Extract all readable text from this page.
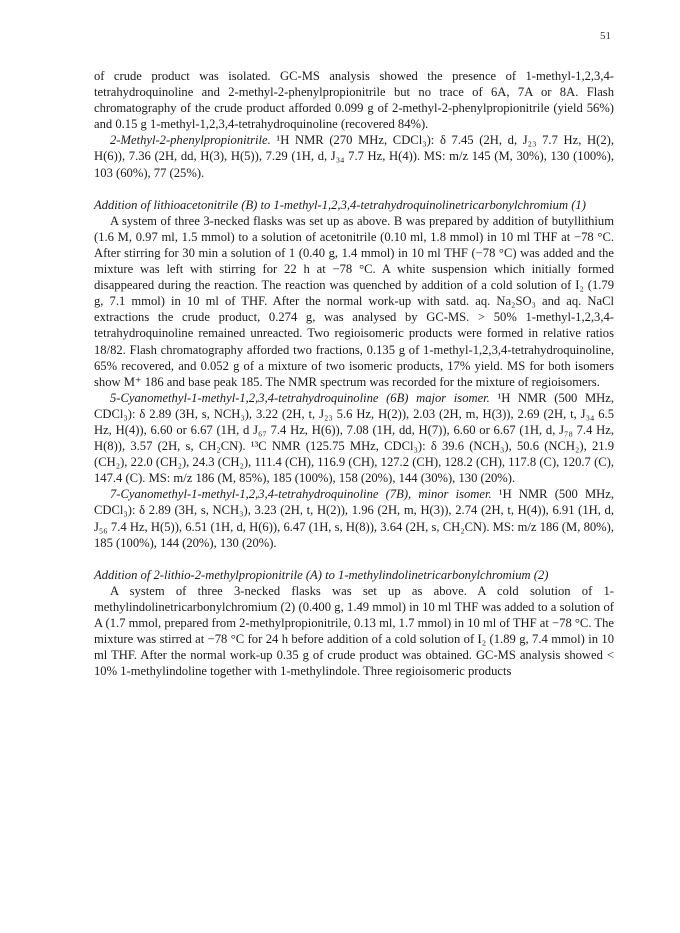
51

of crude product was isolated. GC-MS analysis showed the presence of 1-methyl-1,2,3,4-tetrahydroquinoline and 2-methyl-2-phenylpropionitrile but no trace of 6A, 7A or 8A. Flash chromatography of the crude product afforded 0.099 g of 2-methyl-2-phenylpropionitrile (yield 56%) and 0.15 g 1-methyl-1,2,3,4-tetrahydroquinoline (recovered 84%).

2-Methyl-2-phenylpropionitrile. ¹H NMR (270 MHz, CDCl₃): δ 7.45 (2H, d, J₂₃ 7.7 Hz, H(2), H(6)), 7.36 (2H, dd, H(3), H(5)), 7.29 (1H, d, J₃₄ 7.7 Hz, H(4)). MS: m/z 145 (M, 30%), 130 (100%), 103 (60%), 77 (25%).

Addition of lithioacetonitrile (B) to 1-methyl-1,2,3,4-tetrahydroquinolinetricarbonylchromium (1)

A system of three 3-necked flasks was set up as above. B was prepared by addition of butyllithium (1.6 M, 0.97 ml, 1.5 mmol) to a solution of acetonitrile (0.10 ml, 1.8 mmol) in 10 ml THF at −78 °C. After stirring for 30 min a solution of 1 (0.40 g, 1.4 mmol) in 10 ml THF (−78 °C) was added and the mixture was left with stirring for 22 h at −78 °C. A white suspension which initially formed disappeared during the reaction. The reaction was quenched by addition of a cold solution of I₂ (1.79 g, 7.1 mmol) in 10 ml of THF. After the normal work-up with satd. aq. Na₂SO₃ and aq. NaCl extractions the crude product, 0.274 g, was analysed by GC-MS. > 50% 1-methyl-1,2,3,4-tetrahydroquinoline remained unreacted. Two regioisomeric products were formed in relative ratios 18/82. Flash chromatography afforded two fractions, 0.135 g of 1-methyl-1,2,3,4-tetrahydroquinoline, 65% recovered, and 0.052 g of a mixture of two isomeric products, 17% yield. MS for both isomers show M⁺ 186 and base peak 185. The NMR spectrum was recorded for the mixture of regioisomers.

5-Cyanomethyl-1-methyl-1,2,3,4-tetrahydroquinoline (6B) major isomer. ¹H NMR (500 MHz, CDCl₃): δ 2.89 (3H, s, NCH₃), 3.22 (2H, t, J₂₃ 5.6 Hz, H(2)), 2.03 (2H, m, H(3)), 2.69 (2H, t, J₃₄ 6.5 Hz, H(4)), 6.60 or 6.67 (1H, d J₆₇ 7.4 Hz, H(6)), 7.08 (1H, dd, H(7)), 6.60 or 6.67 (1H, d, J₇₈ 7.4 Hz, H(8)), 3.57 (2H, s, CH₂CN). ¹³C NMR (125.75 MHz, CDCl₃): δ 39.6 (NCH₃), 50.6 (NCH₂), 21.9 (CH₂), 22.0 (CH₂), 24.3 (CH₂), 111.4 (CH), 116.9 (CH), 127.2 (CH), 128.2 (CH), 117.8 (C), 120.7 (C), 147.4 (C). MS: m/z 186 (M, 85%), 185 (100%), 158 (20%), 144 (30%), 130 (20%).

7-Cyanomethyl-1-methyl-1,2,3,4-tetrahydroquinoline (7B), minor isomer. ¹H NMR (500 MHz, CDCl₃): δ 2.89 (3H, s, NCH₃), 3.23 (2H, t, H(2)), 1.96 (2H, m, H(3)), 2.74 (2H, t, H(4)), 6.91 (1H, d, J₅₆ 7.4 Hz, H(5)), 6.51 (1H, d, H(6)), 6.47 (1H, s, H(8)), 3.64 (2H, s, CH₂CN). MS: m/z 186 (M, 80%), 185 (100%), 144 (20%), 130 (20%).

Addition of 2-lithio-2-methylpropionitrile (A) to 1-methylindolinetricarbonylchromium (2)

A system of three 3-necked flasks was set up as above. A cold solution of 1-methylindolinetricarbonylchromium (2) (0.400 g, 1.49 mmol) in 10 ml THF was added to a solution of A (1.7 mmol, prepared from 2-methylpropionitrile, 0.13 ml, 1.7 mmol) in 10 ml of THF at −78 °C. The mixture was stirred at −78 °C for 24 h before addition of a cold solution of I₂ (1.89 g, 7.4 mmol) in 10 ml THF. After the normal work-up 0.35 g of crude product was obtained. GC-MS analysis showed < 10% 1-methylindoline together with 1-methylindole. Three regioisomeric products
